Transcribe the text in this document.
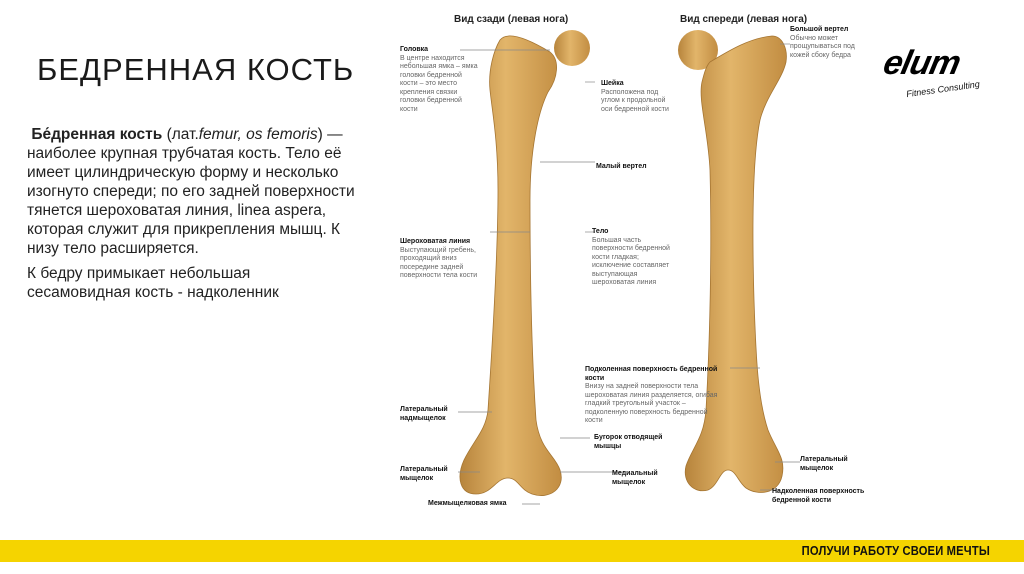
БЕДРЕННАЯ КОСТЬ

Бе́дренная кость (лат.femur, os femoris) — наиболее крупная трубчатая кость. Тело её имеет цилиндрическую форму и несколько изогнуто спереди; по его задней поверхности тянется шероховатая линия, linea aspera, которая служит для прикрепления мышц. К низу тело расширяется.

К бедру примыкает небольшая сесамовидная кость - надколенник

Вид сзади (левая нога)	Вид спереди (левая нога)
Головка
В центре находится небольшая ямка – ямка головки бедренной кости – это место крепления связки головки бедренной кости
Шейка
Расположена под углом к продольной оси бедренной кости
Большой вертел
Обычно может прощупываться под кожей сбоку бедра
Малый вертел
Тело
Большая часть поверхности бедренной кости гладкая; исключение составляет выступающая шероховатая линия
Шероховатая линия
Выступающий гребень, проходящий вниз посередине задней поверхности тела кости
Подколенная поверхность бедренной кости
Внизу на задней поверхности тела шероховатая линия разделяется, огибая гладкий треугольный участок – подколенную поверхность бедренной кости
Латеральный надмыщелок
Бугорок отводящей мышцы
Латеральный мыщелок
Медиальный мыщелок
Латеральный мыщелок
Надколенная поверхность бедренной кости
Межмыщелковая ямка
elum
Fitness Consulting
ПОЛУЧИ РАБОТУ СВОЕИ МЕЧТЫ
